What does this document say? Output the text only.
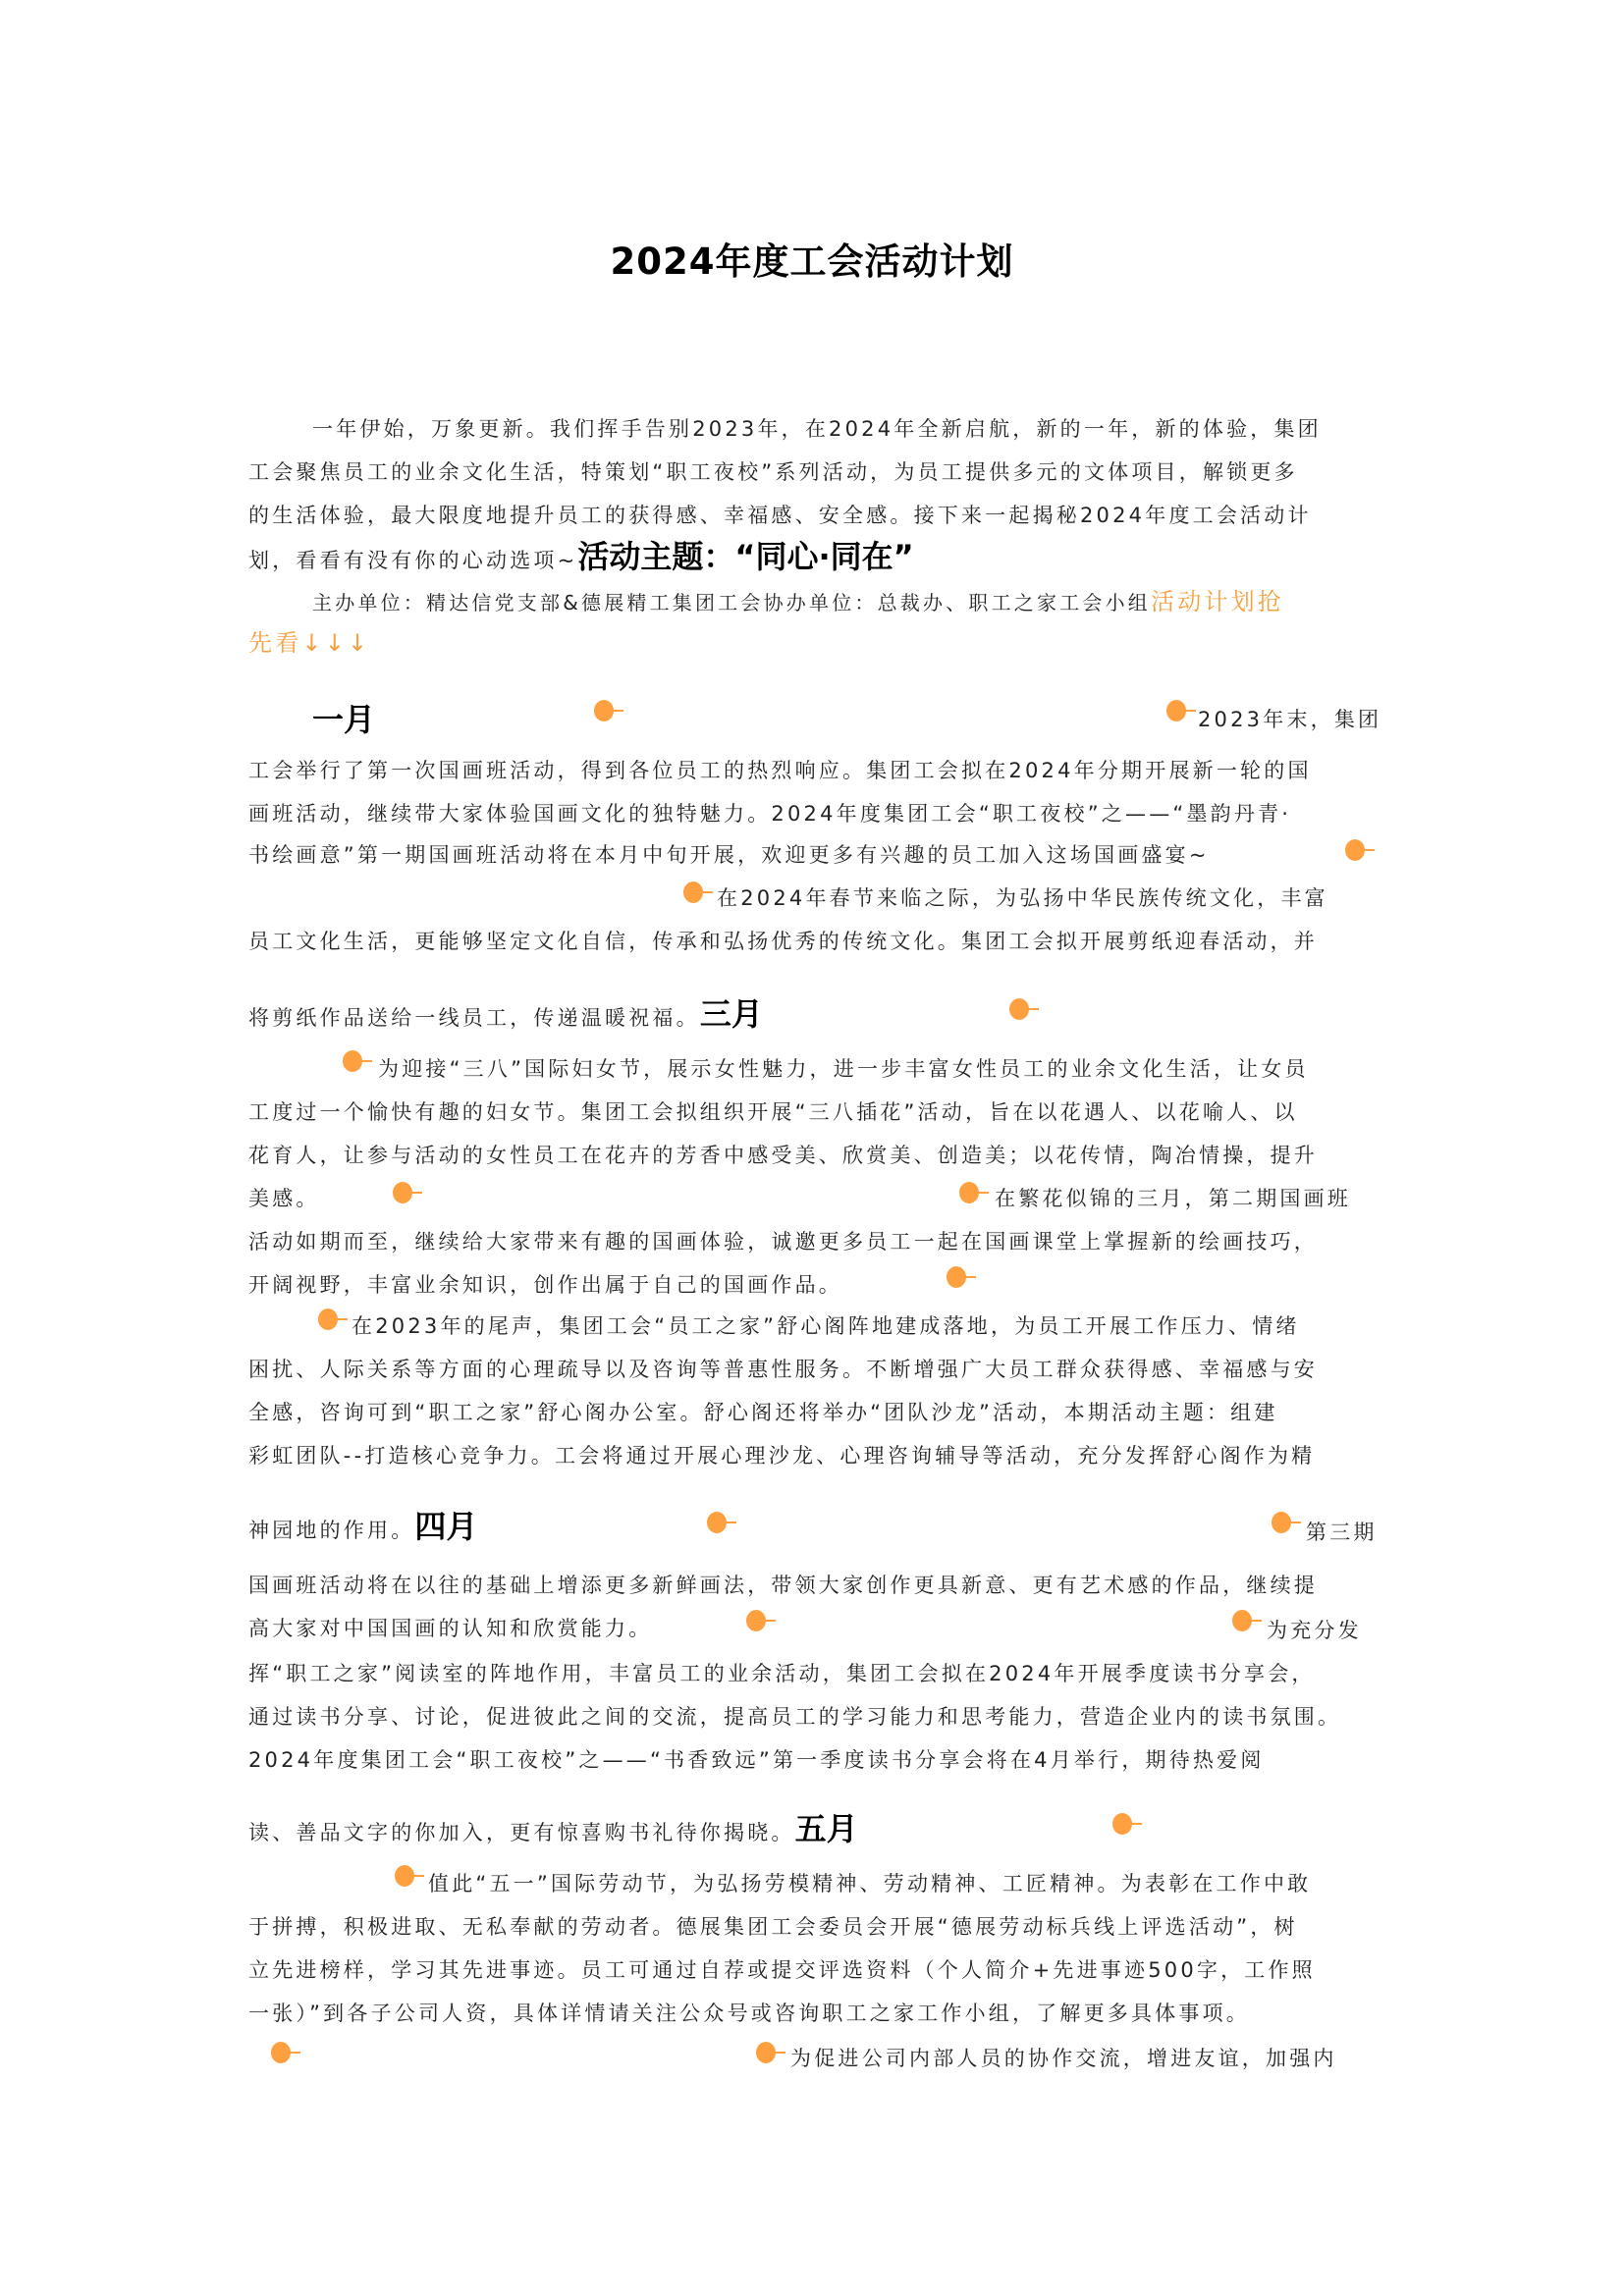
2024年度工会活动计划
一年伊始，万象更新。我们挥手告别2023年，在2024年全新启航，新的一年，新的体验，集团
工会聚焦员工的业余文化生活，特策划“职工夜校”系列活动，为员工提供多元的文体项目，解锁更多
的生活体验，最大限度地提升员工的获得感、幸福感、安全感。接下来一起揭秘2024年度工会活动计
划，看看有没有你的心动选项~活动主题：“同心·同在”
主办单位：精达信党支部&德展精工集团工会协办单位：总裁办、职工之家工会小组活动计划抢
先看↓↓↓
一月	2023年末，集团
工会举行了第一次国画班活动，得到各位员工的热烈响应。集团工会拟在2024年分期开展新一轮的国
画班活动，继续带大家体验国画文化的独特魅力。2024年度集团工会“职工夜校”之——“墨韵丹青·
书绘画意”第一期国画班活动将在本月中旬开展，欢迎更多有兴趣的员工加入这场国画盛宴~
在2024年春节来临之际，为弘扬中华民族传统文化，丰富
员工文化生活，更能够坚定文化自信，传承和弘扬优秀的传统文化。集团工会拟开展剪纸迎春活动，并
将剪纸作品送给一线员工，传递温暖祝福。三月
为迎接“三八”国际妇女节，展示女性魅力，进一步丰富女性员工的业余文化生活，让女员
工度过一个愉快有趣的妇女节。集团工会拟组织开展“三八插花”活动，旨在以花遇人、以花喻人、以
花育人，让参与活动的女性员工在花卉的芳香中感受美、欣赏美、创造美；以花传情，陶冶情操，提升
美感。	在繁花似锦的三月，第二期国画班
活动如期而至，继续给大家带来有趣的国画体验，诚邀更多员工一起在国画课堂上掌握新的绘画技巧，
开阔视野，丰富业余知识，创作出属于自己的国画作品。
在2023年的尾声，集团工会“员工之家”舒心阁阵地建成落地，为员工开展工作压力、情绪
困扰、人际关系等方面的心理疏导以及咨询等普惠性服务。不断增强广大员工群众获得感、幸福感与安
全感，咨询可到“职工之家”舒心阁办公室。舒心阁还将举办“团队沙龙”活动，本期活动主题：组建
彩虹团队--打造核心竞争力。工会将通过开展心理沙龙、心理咨询辅导等活动，充分发挥舒心阁作为精
神园地的作用。四月	第三期
国画班活动将在以往的基础上增添更多新鲜画法，带领大家创作更具新意、更有艺术感的作品，继续提
高大家对中国国画的认知和欣赏能力。	为充分发
挥“职工之家”阅读室的阵地作用，丰富员工的业余活动，集团工会拟在2024年开展季度读书分享会，
通过读书分享、讨论，促进彼此之间的交流，提高员工的学习能力和思考能力，营造企业内的读书氛围。
2024年度集团工会“职工夜校”之——“书香致远”第一季度读书分享会将在4月举行，期待热爱阅
读、善品文字的你加入，更有惊喜购书礼待你揭晓。五月
值此“五一”国际劳动节，为弘扬劳模精神、劳动精神、工匠精神。为表彰在工作中敢
于拼搏，积极进取、无私奉献的劳动者。德展集团工会委员会开展“德展劳动标兵线上评选活动”，树
立先进榜样，学习其先进事迹。员工可通过自荐或提交评选资料（个人简介+先进事迹500字，工作照
一张）”到各子公司人资，具体详情请关注公众号或咨询职工之家工作小组，了解更多具体事项。
为促进公司内部人员的协作交流，增进友谊，加强内
